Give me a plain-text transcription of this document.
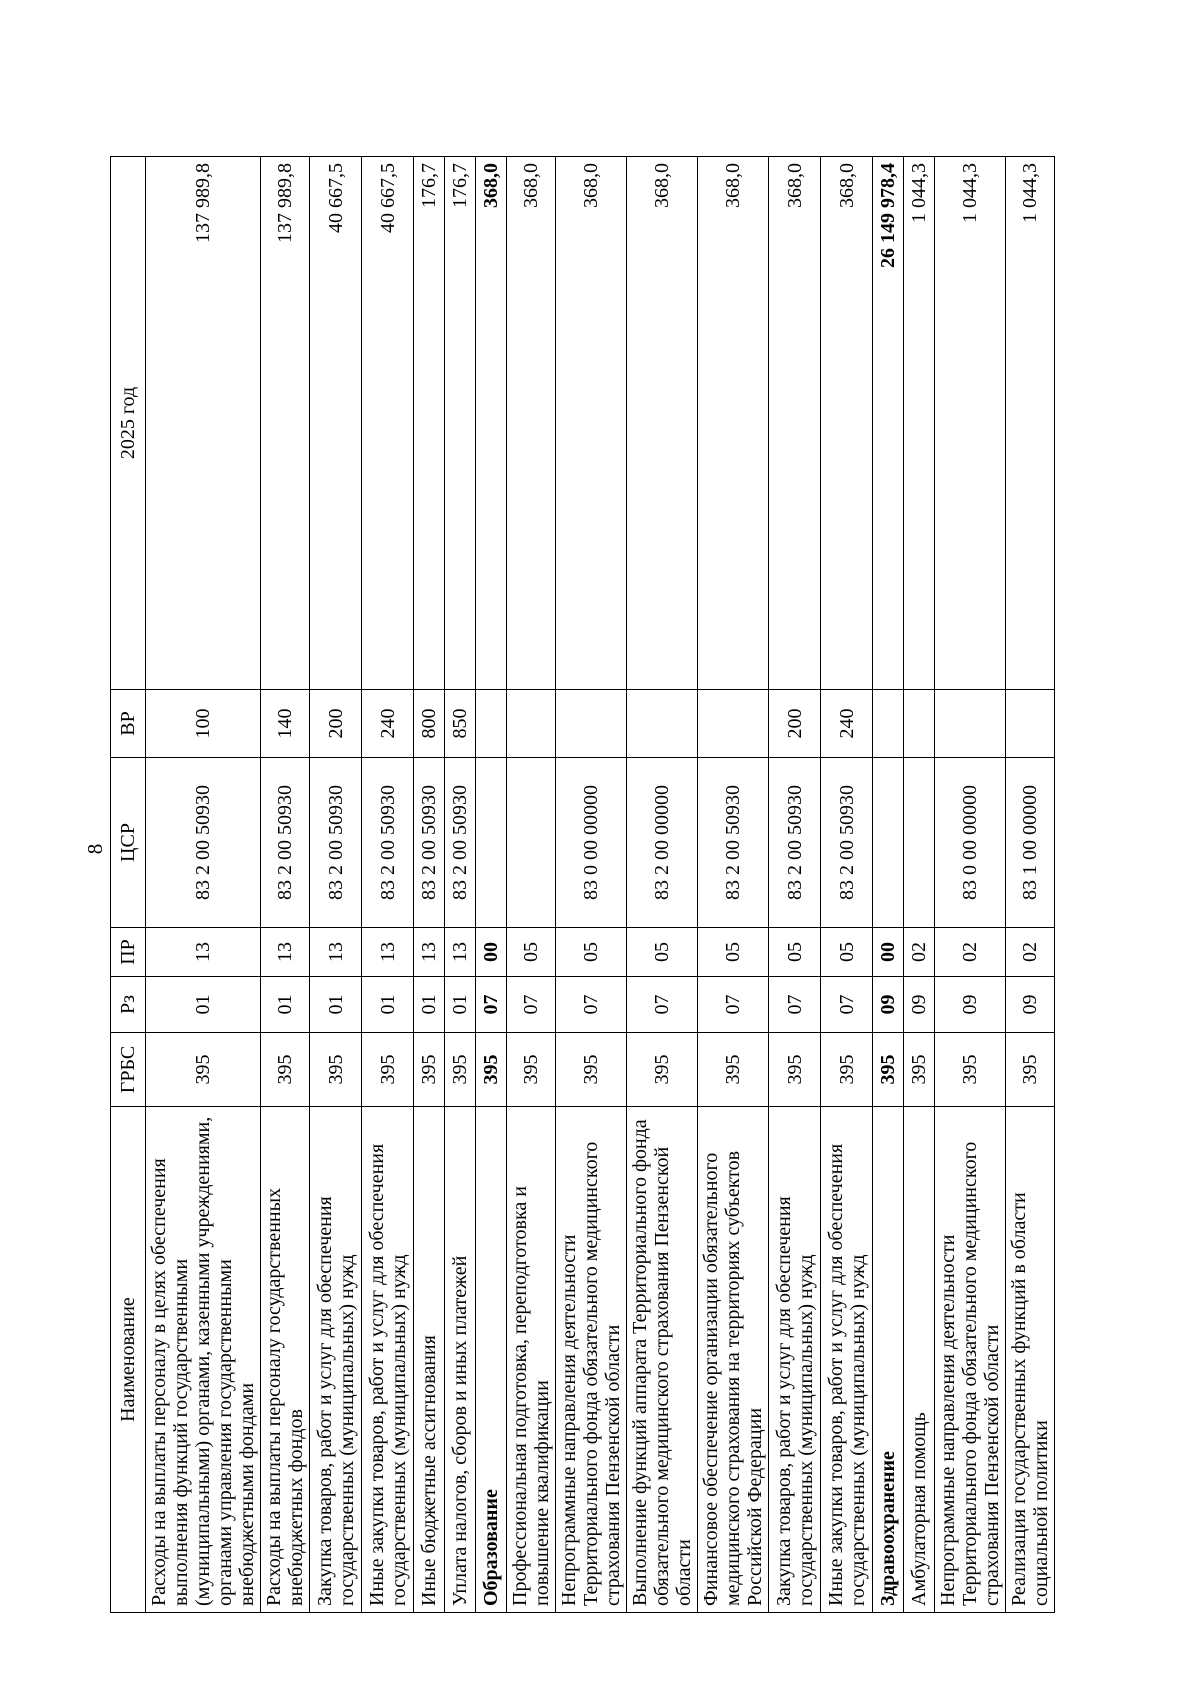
8
Наименование	ГРБС	Рз	ПР	ЦСР	ВР	2025 год
Расходы на выплаты персоналу в целях обеспечения выполнения функций государственными (муниципальными) органами, казенными учреждениями, органами управления государственными внебюджетными фондами	395	01	13	83 2 00 50930	100	137 989,8
Расходы на выплаты персоналу государственных внебюджетных фондов	395	01	13	83 2 00 50930	140	137 989,8
Закупка товаров, работ и услуг для обеспечения государственных (муниципальных) нужд	395	01	13	83 2 00 50930	200	40 667,5
Иные закупки товаров, работ и услуг для обеспечения государственных (муниципальных) нужд	395	01	13	83 2 00 50930	240	40 667,5
Иные бюджетные ассигнования	395	01	13	83 2 00 50930	800	176,7
Уплата налогов, сборов и иных платежей	395	01	13	83 2 00 50930	850	176,7
Образование	395	07	00			368,0
Профессиональная подготовка, переподготовка и повышение квалификации	395	07	05			368,0
Непрограммные направления деятельности Территориального фонда обязательного медицинского страхования Пензенской области	395	07	05	83 0 00 00000		368,0
Выполнение функций аппарата Территориального фонда обязательного медицинского страхования Пензенской области	395	07	05	83 2 00 00000		368,0
Финансовое обеспечение организации обязательного медицинского страхования на территориях субъектов Российской Федерации	395	07	05	83 2 00 50930		368,0
Закупка товаров, работ и услуг для обеспечения государственных (муниципальных) нужд	395	07	05	83 2 00 50930	200	368,0
Иные закупки товаров, работ и услуг для обеспечения государственных (муниципальных) нужд	395	07	05	83 2 00 50930	240	368,0
Здравоохранение	395	09	00			26 149 978,4
Амбулаторная помощь	395	09	02			1 044,3
Непрограммные направления деятельности Территориального фонда обязательного медицинского страхования Пензенской области	395	09	02	83 0 00 00000		1 044,3
Реализация государственных функций в области социальной политики	395	09	02	83 1 00 00000		1 044,3
